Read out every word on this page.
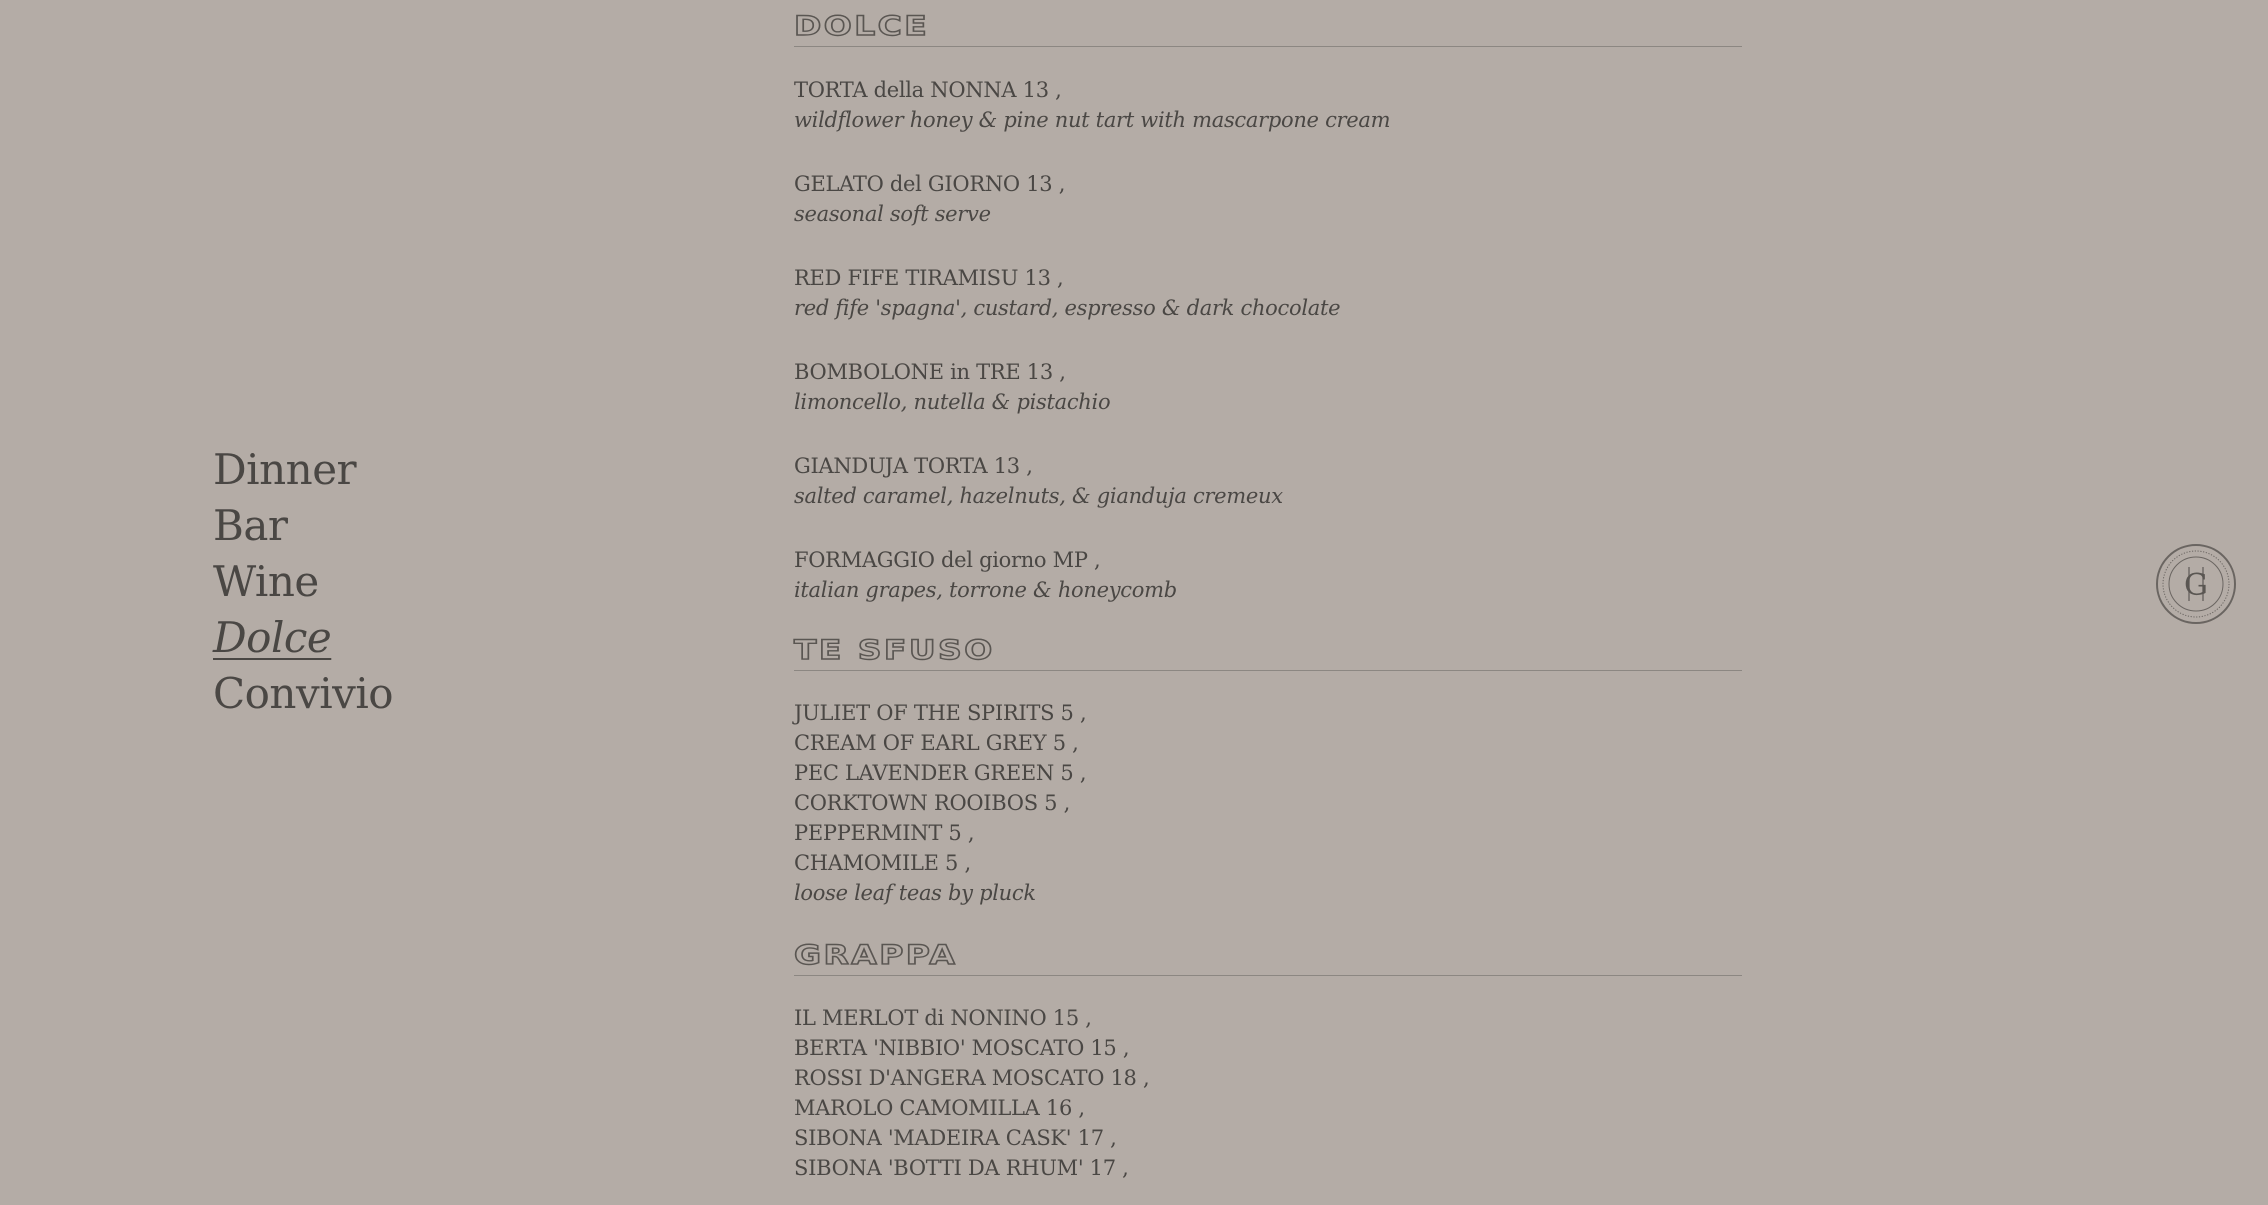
Dinner
Bar
Wine
Dolce
Convivio
DOLCE
TORTA della NONNA 13 ,
wildflower honey & pine nut tart with mascarpone cream
GELATO del GIORNO 13 ,
seasonal soft serve
RED FIFE TIRAMISU 13 ,
red fife 'spagna', custard, espresso & dark chocolate
BOMBOLONE in TRE 13 ,
limoncello, nutella & pistachio
GIANDUJA TORTA 13 ,
salted caramel, hazelnuts, & gianduja cremeux
FORMAGGIO del giorno MP ,
italian grapes, torrone & honeycomb
TE SFUSO
JULIET OF THE SPIRITS 5 ,
CREAM OF EARL GREY 5 ,
PEC LAVENDER GREEN 5 ,
CORKTOWN ROOIBOS 5 ,
PEPPERMINT 5 ,
CHAMOMILE 5 ,
loose leaf teas by pluck
GRAPPA
IL MERLOT di NONINO 15 ,
BERTA 'NIBBIO' MOSCATO 15 ,
ROSSI D'ANGERA MOSCATO 18 ,
MAROLO CAMOMILLA 16 ,
SIBONA 'MADEIRA CASK' 17 ,
SIBONA 'BOTTI DA RHUM' 17 ,
G
